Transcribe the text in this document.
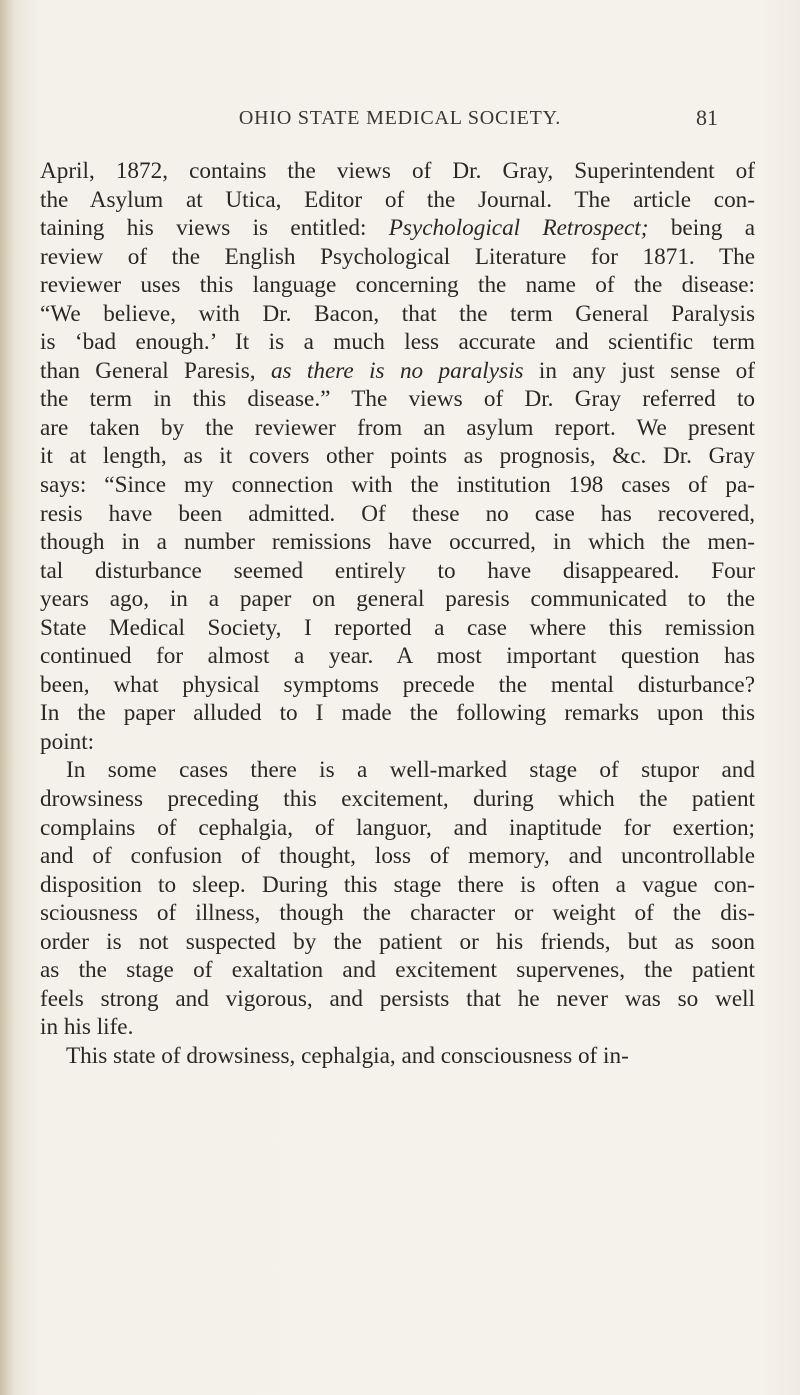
OHIO STATE MEDICAL SOCIETY.	81
April, 1872, contains the views of Dr. Gray, Superintendent of
the Asylum at Utica, Editor of the Journal. The article con-
taining his views is entitled: Psychological Retrospect; being a
review of the English Psychological Literature for 1871. The
reviewer uses this language concerning the name of the disease:
“We believe, with Dr. Bacon, that the term General Paralysis
is ‘bad enough.’ It is a much less accurate and scientific term
than General Paresis, as there is no paralysis in any just sense of
the term in this disease.” The views of Dr. Gray referred to
are taken by the reviewer from an asylum report. We present
it at length, as it covers other points as prognosis, &c. Dr. Gray
says: “Since my connection with the institution 198 cases of pa-
resis have been admitted. Of these no case has recovered,
though in a number remissions have occurred, in which the men-
tal disturbance seemed entirely to have disappeared. Four
years ago, in a paper on general paresis communicated to the
State Medical Society, I reported a case where this remission
continued for almost a year. A most important question has
been, what physical symptoms precede the mental disturbance?
In the paper alluded to I made the following remarks upon this
point:
In some cases there is a well-marked stage of stupor and
drowsiness preceding this excitement, during which the patient
complains of cephalgia, of languor, and inaptitude for exertion;
and of confusion of thought, loss of memory, and uncontrollable
disposition to sleep. During this stage there is often a vague con-
sciousness of illness, though the character or weight of the dis-
order is not suspected by the patient or his friends, but as soon
as the stage of exaltation and excitement supervenes, the patient
feels strong and vigorous, and persists that he never was so well
in his life.
This state of drowsiness, cephalgia, and consciousness of in-
